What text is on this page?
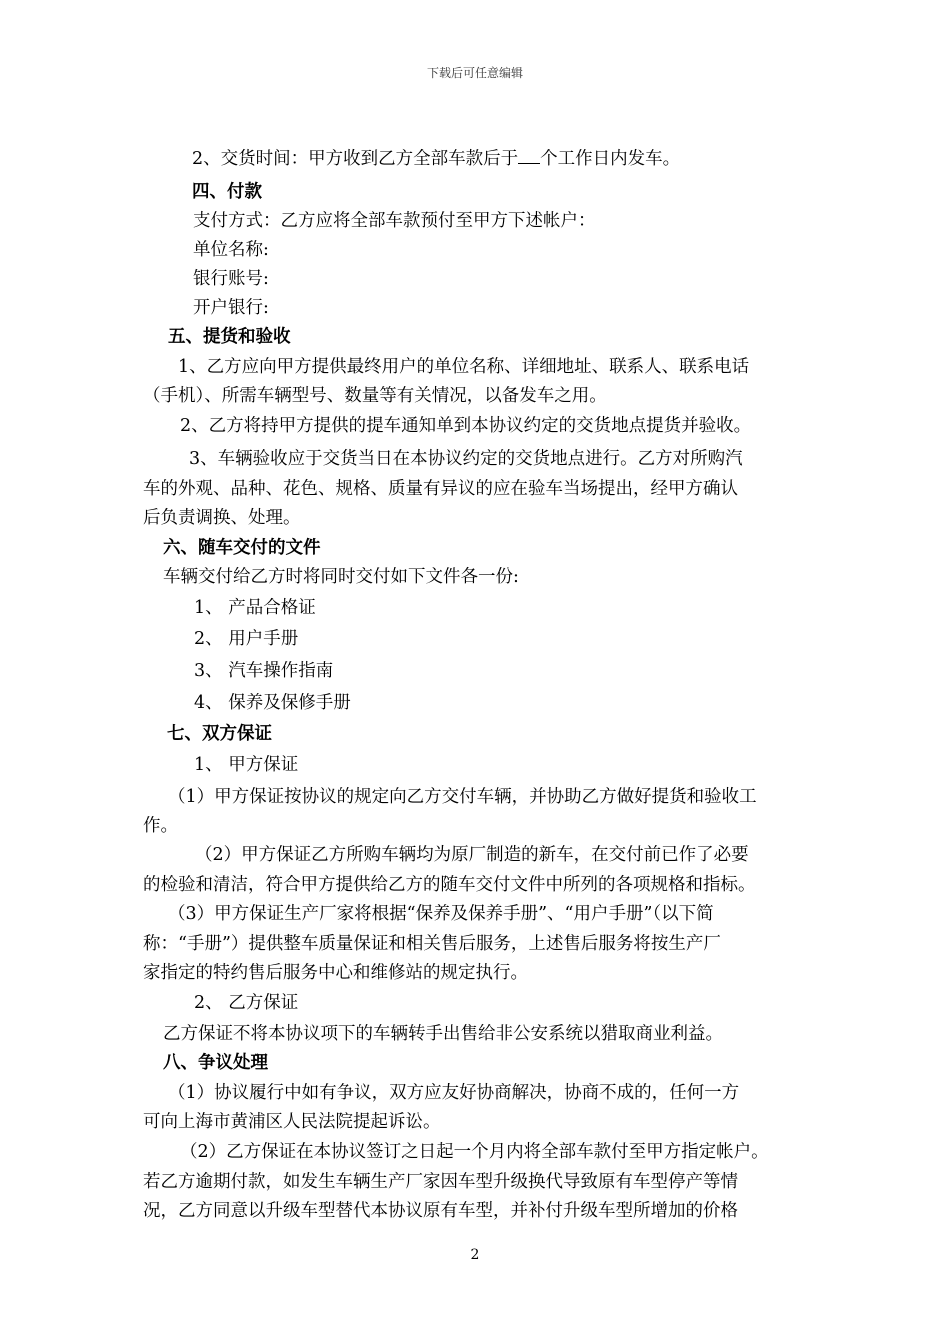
下载后可任意编辑
2、交货时间：甲方收到乙方全部车款后于 个工作日内发车。
四、付款
支付方式：乙方应将全部车款预付至甲方下述帐户：
单位名称:
银行账号:
开户银行:
五、提货和验收
1、乙方应向甲方提供最终用户的单位名称、详细地址、联系人、联系电话
（手机）、所需车辆型号、数量等有关情况，以备发车之用。
2、乙方将持甲方提供的提车通知单到本协议约定的交货地点提货并验收。
3、车辆验收应于交货当日在本协议约定的交货地点进行。乙方对所购汽
车的外观、品种、花色、规格、质量有异议的应在验车当场提出，经甲方确认
后负责调换、处理。
六、随车交付的文件
车辆交付给乙方时将同时交付如下文件各一份:
1、 产品合格证
2、 用户手册
3、 汽车操作指南
4、 保养及保修手册
七、双方保证
1、 甲方保证
（1）甲方保证按协议的规定向乙方交付车辆，并协助乙方做好提货和验收工
作。
（2）甲方保证乙方所购车辆均为原厂制造的新车，在交付前已作了必要
的检验和清洁，符合甲方提供给乙方的随车交付文件中所列的各项规格和指标。
（3）甲方保证生产厂家将根据“保养及保养手册”、“用户手册”（以下简
称：“手册”）提供整车质量保证和相关售后服务，上述售后服务将按生产厂
家指定的特约售后服务中心和维修站的规定执行。
2、 乙方保证
乙方保证不将本协议项下的车辆转手出售给非公安系统以猎取商业利益。
八、争议处理
（1）协议履行中如有争议，双方应友好协商解决，协商不成的，任何一方
可向上海市黄浦区人民法院提起诉讼。
（2）乙方保证在本协议签订之日起一个月内将全部车款付至甲方指定帐户。
若乙方逾期付款，如发生车辆生产厂家因车型升级换代导致原有车型停产等情
况，乙方同意以升级车型替代本协议原有车型，并补付升级车型所增加的价格
2
